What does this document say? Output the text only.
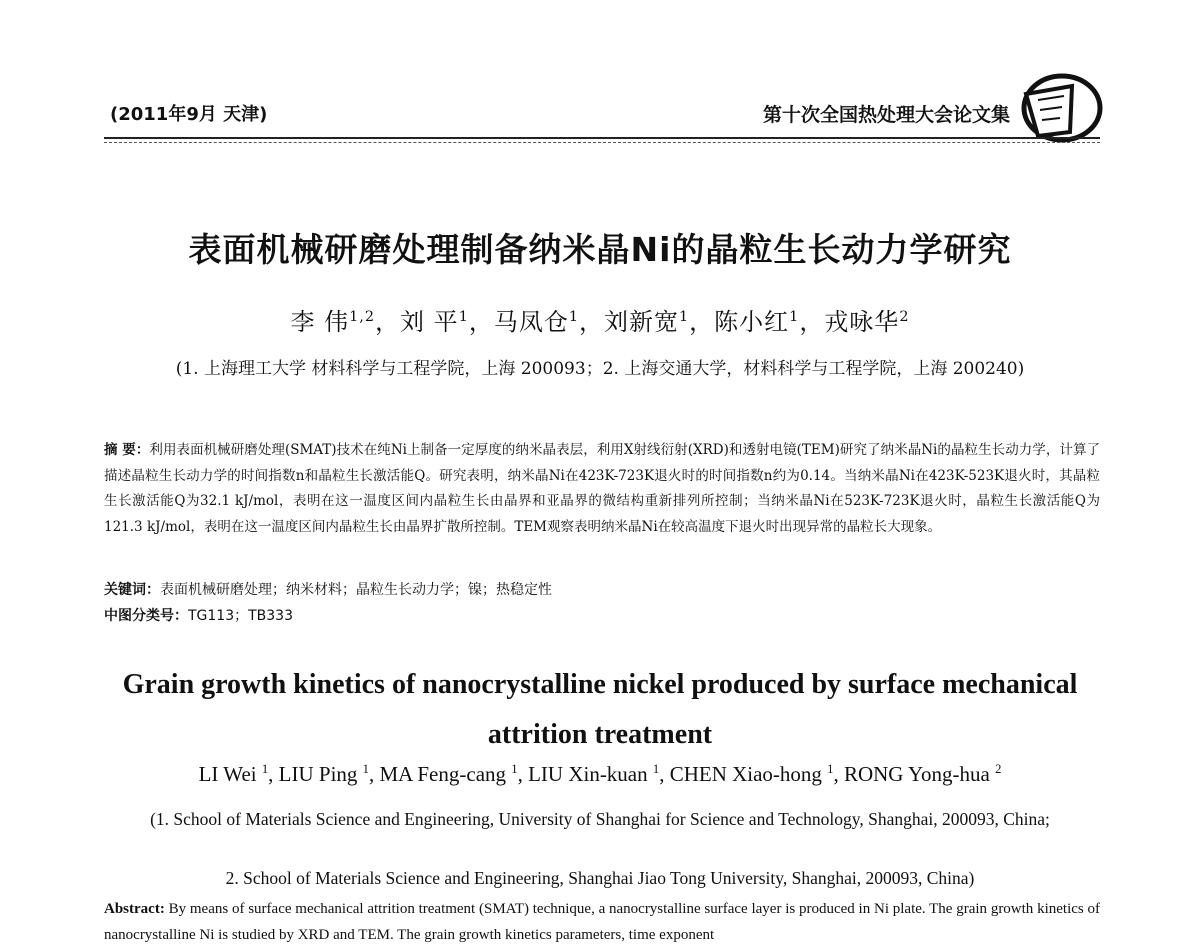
(2011年9月 天津)	第十次全国热处理大会论文集
表面机械研磨处理制备纳米晶Ni的晶粒生长动力学研究
李 伟$^{1,2}$，刘 平$^1$，马凤仓$^1$，刘新宽$^1$，陈小红$^1$，戎咏华$^2$
(1. 上海理工大学 材料科学与工程学院，上海 200093；2. 上海交通大学，材料科学与工程学院，上海 200240)
摘 要：利用表面机械研磨处理(SMAT)技术在纯Ni上制备一定厚度的纳米晶表层，利用X射线衍射(XRD)和透射电镜(TEM)研究了纳米晶Ni的晶粒生长动力学，计算了描述晶粒生长动力学的时间指数n和晶粒生长激活能Q。研究表明，纳米晶Ni在423K-723K退火时的时间指数n约为0.14。当纳米晶Ni在423K-523K退火时，其晶粒生长激活能Q为32.1 kJ/mol，表明在这一温度区间内晶粒生长由晶界和亚晶界的微结构重新排列所控制；当纳米晶Ni在523K-723K退火时，晶粒生长激活能Q为121.3 kJ/mol，表明在这一温度区间内晶粒生长由晶界扩散所控制。TEM观察表明纳米晶Ni在较高温度下退火时出现异常的晶粒长大现象。
关键词：表面机械研磨处理；纳米材料；晶粒生长动力学；镍；热稳定性
中图分类号：TG113；TB333
Grain growth kinetics of nanocrystalline nickel produced by surface mechanical attrition treatment
LI Wei $^1$, LIU Ping $^1$, MA Feng-cang $^1$, LIU Xin-kuan $^1$, CHEN Xiao-hong $^1$, RONG Yong-hua $^2$
(1. School of Materials Science and Engineering, University of Shanghai for Science and Technology, Shanghai, 200093, China;
2. School of Materials Science and Engineering, Shanghai Jiao Tong University, Shanghai, 200093, China)
Abstract: By means of surface mechanical attrition treatment (SMAT) technique, a nanocrystalline surface layer is produced in Ni plate. The grain growth kinetics of nanocrystalline Ni is studied by XRD and TEM. The grain growth kinetics parameters, time exponent
